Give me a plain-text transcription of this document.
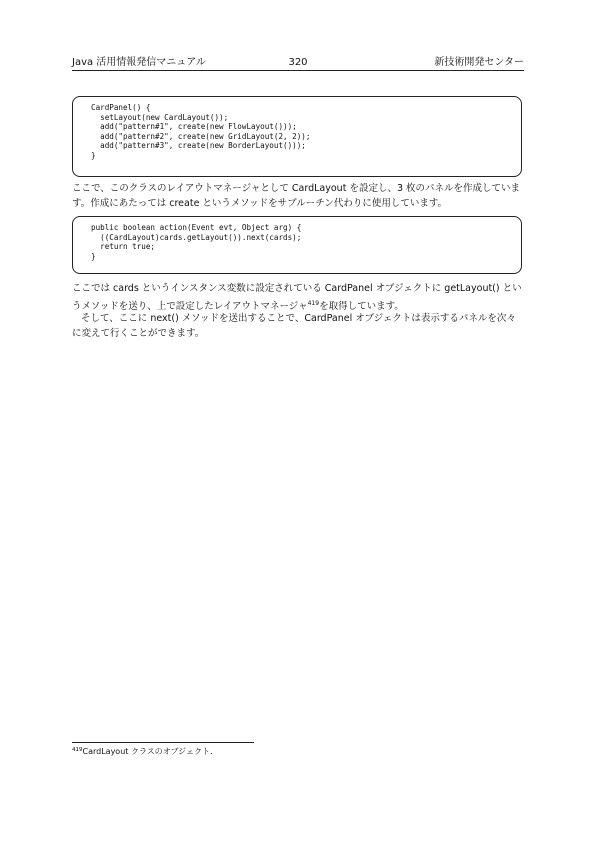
Java 活用情報発信マニュアル	320	新技術開発センター
CardPanel() {
setLayout(new CardLayout());
add("pattern#1", create(new FlowLayout()));
add("pattern#2", create(new GridLayout(2, 2));
add("pattern#3", create(new BorderLayout()));
}

ここで、このクラスのレイアウトマネージャとして CardLayout を設定し、3 枚のパネルを作成しています。作成にあたっては create というメソッドをサブルーチン代わりに使用しています。

public boolean action(Event evt, Object arg) {
((CardLayout)cards.getLayout()).next(cards);
return true;
}

ここでは cards というインスタンス変数に設定されている CardPanel オブジェクトに getLayout() というメソッドを送り、上で設定したレイアウトマネージャ$^{419}$を取得しています。

そして、ここに next() メソッドを送出することで、CardPanel オブジェクトは表示するパネルを次々に変えて行くことができます。

$^{419}$CardLayout クラスのオブジェクト.
